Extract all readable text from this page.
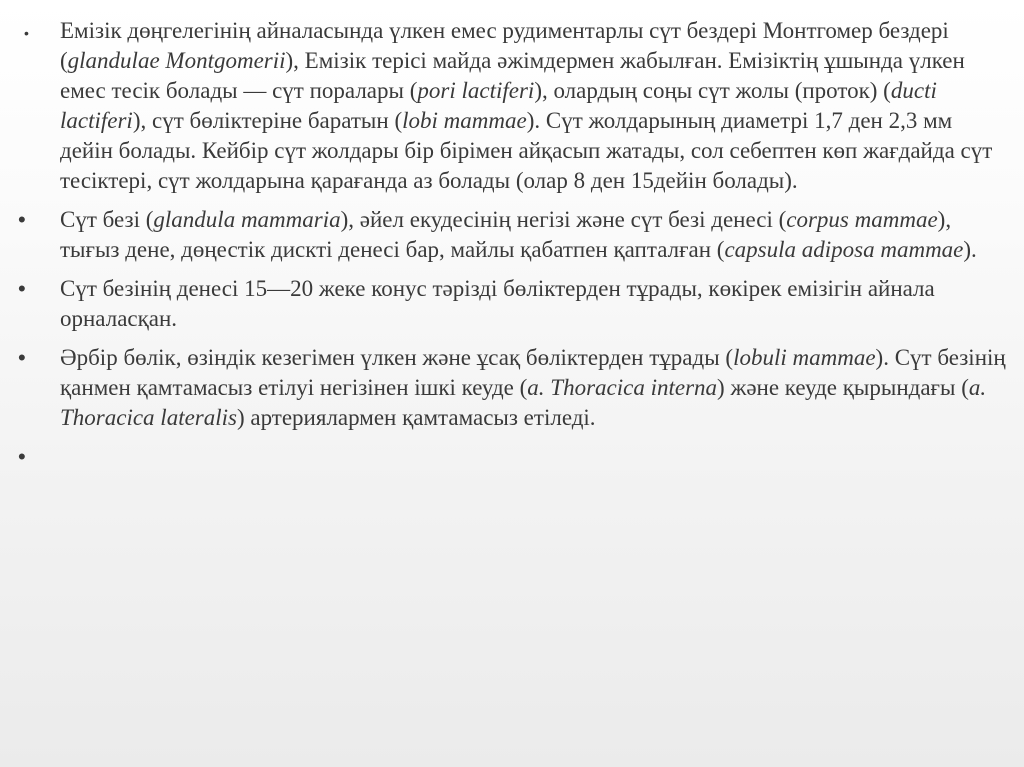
•	Емізік дөңгелегінің айналасында үлкен емес рудиментарлы сүт бездері Монтгомер бездері (glandulae Montgomerii), Емізік терісі майда әжімдермен жабылған. Емізіктің ұшында үлкен емес тесік болады — сүт поралары (pori lactiferi), олардың соңы сүт жолы (проток) (ducti lactiferi), сүт бөліктеріне баратын (lobi mammae). Сүт жолдарының диаметрі 1,7 ден 2,3 мм дейін болады. Кейбір сүт жолдары бір бірімен айқасып жатады, сол себептен көп жағдайда сүт тесіктері, сүт жолдарына қарағанда аз болады (олар 8 ден 15дейін болады).
•	Сүт безі (glandula mammaria), әйел екудесінің негізі және сүт безі денесі (corpus mammae), тығыз дене, дөңестік дискті денесі бар, майлы қабатпен қапталған (capsula adiposa mammae).
•	Сүт безінің денесі 15—20 жеке конус тәрізді бөліктерден тұрады, көкірек емізігін айнала орналасқан.
•	Әрбір бөлік, өзіндік кезегімен үлкен және ұсақ бөліктерден тұрады (lobuli mammae). Сүт безінің қанмен қамтамасыз етілуі негізінен ішкі кеуде (a. Thoracica interna) және кеуде қырындағы (a. Thoracica lateralis) артериялармен қамтамасыз етіледі.
•
